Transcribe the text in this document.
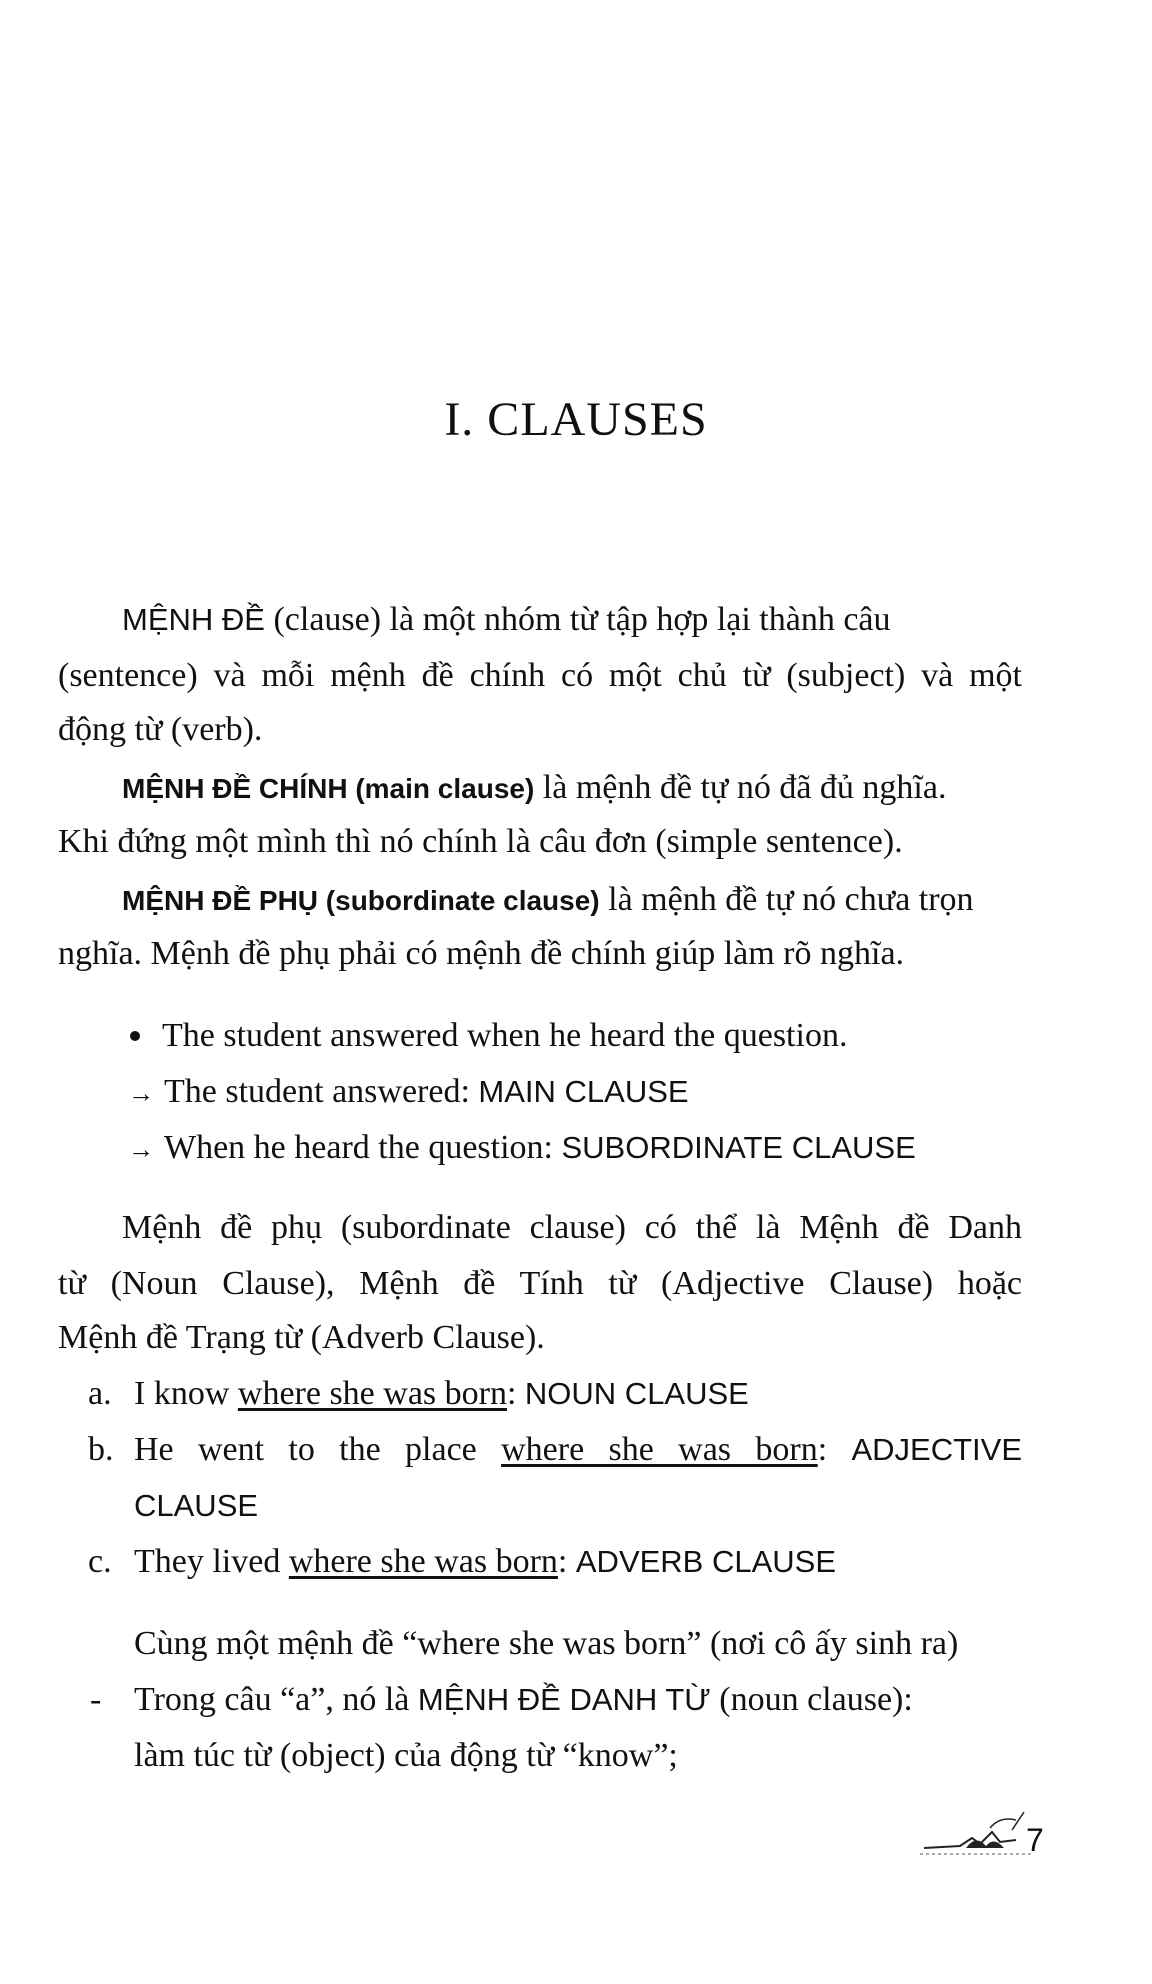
I. CLAUSES
MỆNH ĐỀ (clause) là một nhóm từ tập hợp lại thành câu
(sentence) và mỗi mệnh đề chính có một chủ từ (subject) và một
động từ (verb).
MỆNH ĐỀ CHÍNH (main clause) là mệnh đề tự nó đã đủ nghĩa.
Khi đứng một mình thì nó chính là câu đơn (simple sentence).
MỆNH ĐỀ PHỤ (subordinate clause) là mệnh đề tự nó chưa trọn
nghĩa. Mệnh đề phụ phải có mệnh đề chính giúp làm rõ nghĩa.
The student answered when he heard the question.
→ The student answered: MAIN CLAUSE
→ When he heard the question: SUBORDINATE CLAUSE
Mệnh đề phụ (subordinate clause) có thể là Mệnh đề Danh
từ (Noun Clause), Mệnh đề Tính từ (Adjective Clause) hoặc
Mệnh đề Trạng từ (Adverb Clause).
a. I know where she was born: NOUN CLAUSE
b. He went to the place where she was born: ADJECTIVE
CLAUSE
c. They lived where she was born: ADVERB CLAUSE
Cùng một mệnh đề “where she was born” (nơi cô ấy sinh ra)
- Trong câu “a”, nó là MỆNH ĐỀ DANH TỪ (noun clause):
làm túc từ (object) của động từ “know”;
7
